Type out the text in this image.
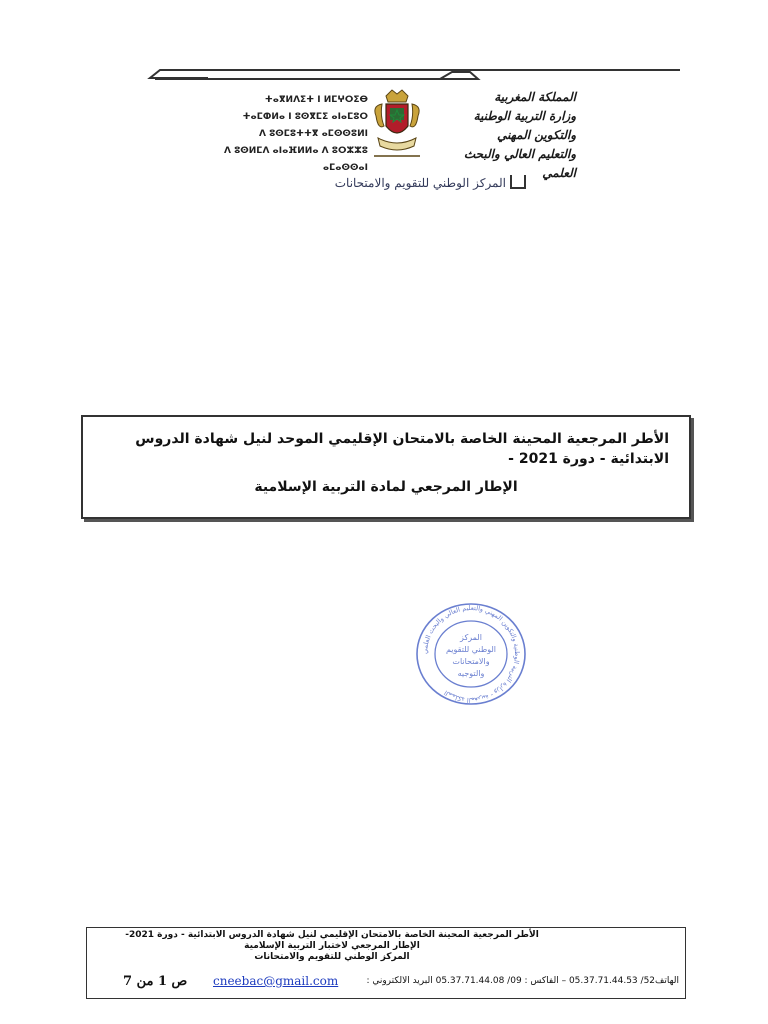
ⵜⴰⴳⵍⴷⵉⵜ ⵏ ⵍⵎⵖⵔⵉⴱ
ⵜⴰⵎⵀⵍⴰ ⵏ ⵓⵙⴳⵎⵉ ⴰⵏⴰⵎⵓⵔ
ⴷ ⵓⵙⵎⵓⵜⵜⴳ ⴰⵎⵙⵙⵓⵍⵏ
ⴷ ⵓⵙⵍⵎⴷ ⴰⵏⴰⴼⵍⵍⴰ ⴷ ⵓⵔⵣⵣⵓ ⴰⵎⴰⵙⵙⴰⵏ
المملكة المغربية
وزارة التربية الوطنية
والتكوين المهني
والتعليم العالي والبحث العلمي
المركز الوطني للتقويم والامتحانات
الأطر المرجعية المحينة الخاصة بالامتحان الإقليمي الموحد لنيل شهادة الدروس الابتدائية - دورة 2021 -
الإطار المرجعي لمادة التربية الإسلامية
المملكة المغربية - وزارة التربية الوطنية والتكوين المهني والتعليم العالي والبحث العلمي
المركز
الوطني للتقويم
والامتحانات
والتوجيه
الأطر المرجعية المحينة الخاصة بالامتحان الإقليمي لنيل شهادة الدروس الابتدائية - دورة 2021-
الإطار المرجعي لاختبار التربية الإسلامية
المركز الوطني للتقويم والامتحانات
الهاتف52/ 05.37.71.44.53 – الفاكس : 09/ 05.37.71.44.08 البريد الالكتروني :
cneebac@gmail.com
ص 1 من 7
